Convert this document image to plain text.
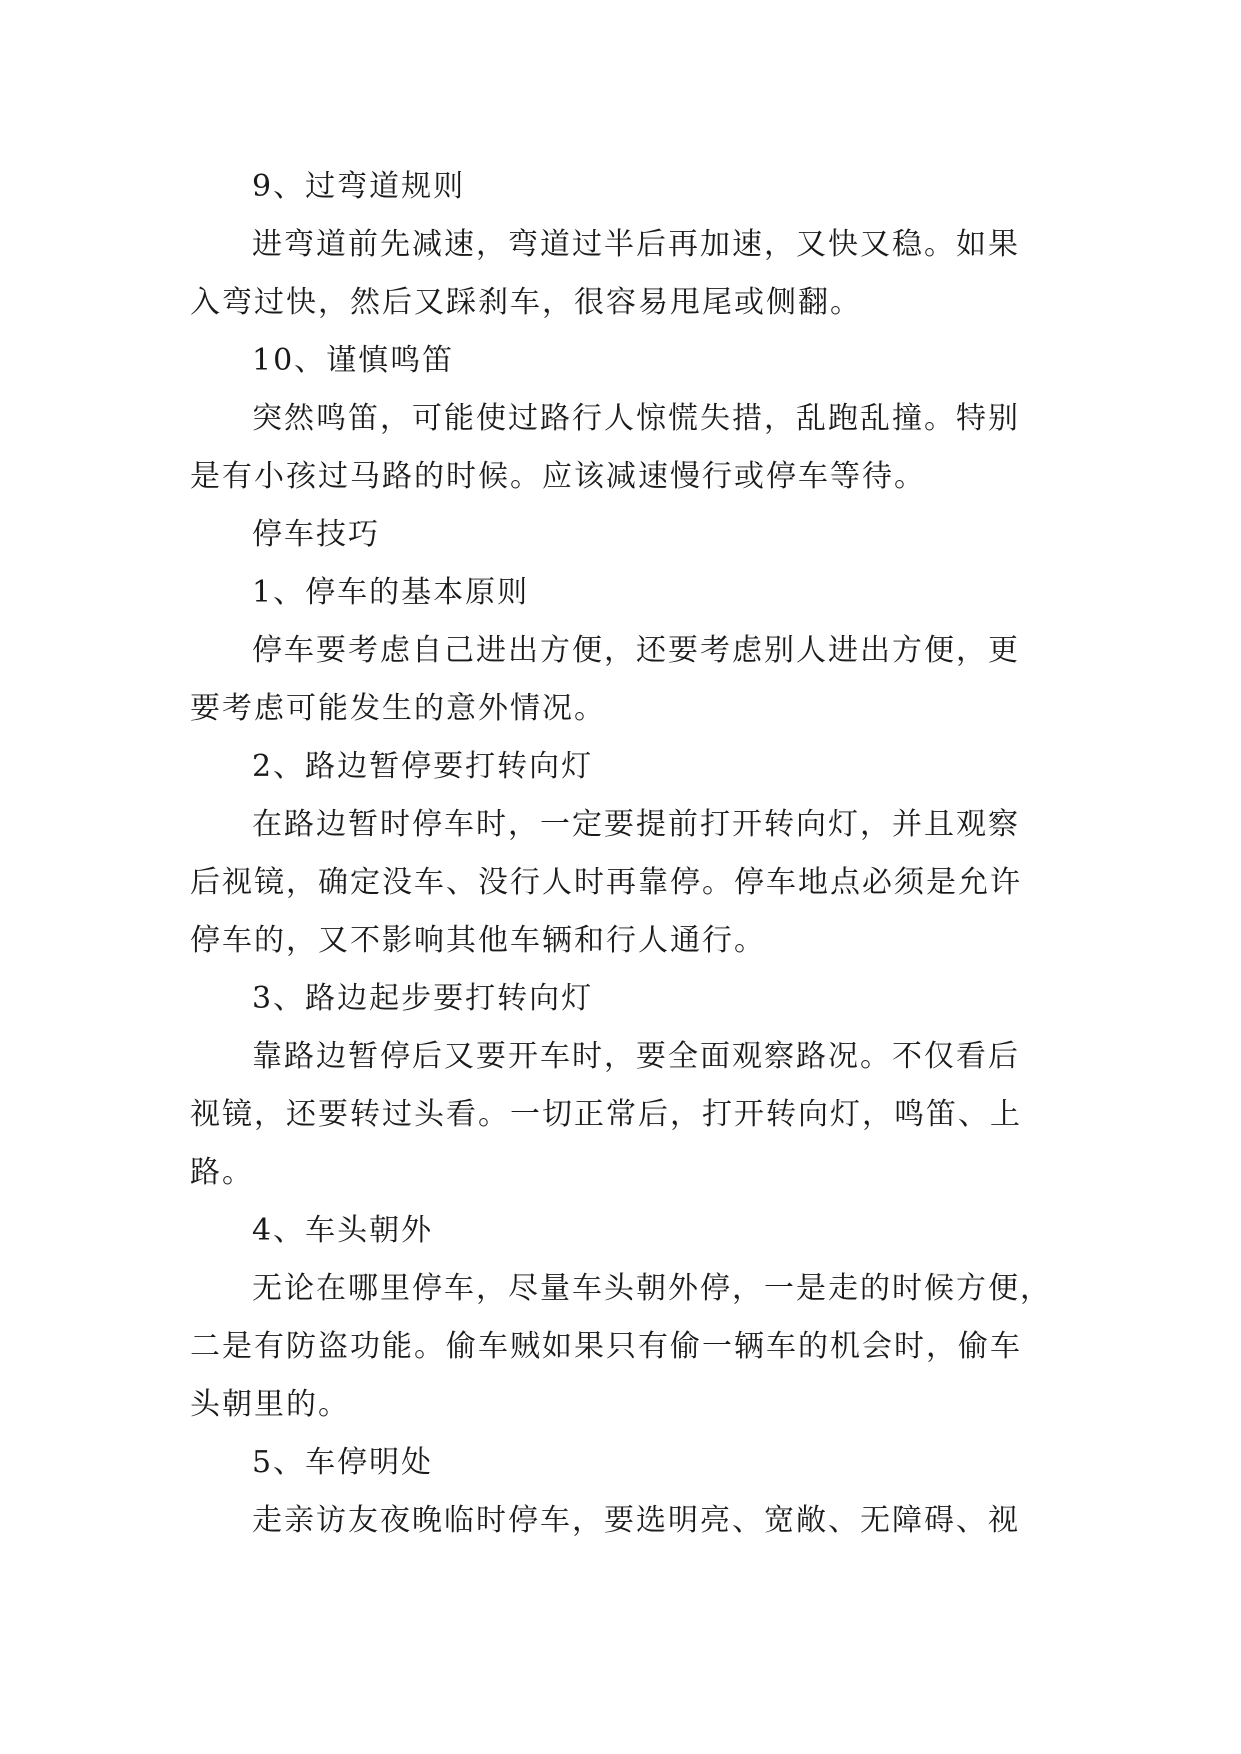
9、过弯道规则
进弯道前先减速，弯道过半后再加速，又快又稳。如果
入弯过快，然后又踩刹车，很容易甩尾或侧翻。
10、谨慎鸣笛
突然鸣笛，可能使过路行人惊慌失措，乱跑乱撞。特别
是有小孩过马路的时候。应该减速慢行或停车等待。
停车技巧
1、停车的基本原则
停车要考虑自己进出方便，还要考虑别人进出方便，更
要考虑可能发生的意外情况。
2、路边暂停要打转向灯
在路边暂时停车时，一定要提前打开转向灯，并且观察
后视镜，确定没车、没行人时再靠停。停车地点必须是允许
停车的，又不影响其他车辆和行人通行。
3、路边起步要打转向灯
靠路边暂停后又要开车时，要全面观察路况。不仅看后
视镜，还要转过头看。一切正常后，打开转向灯，鸣笛、上
路。
4、车头朝外
无论在哪里停车，尽量车头朝外停，一是走的时候方便，
二是有防盗功能。偷车贼如果只有偷一辆车的机会时，偷车
头朝里的。
5、车停明处
走亲访友夜晚临时停车，要选明亮、宽敞、无障碍、视
